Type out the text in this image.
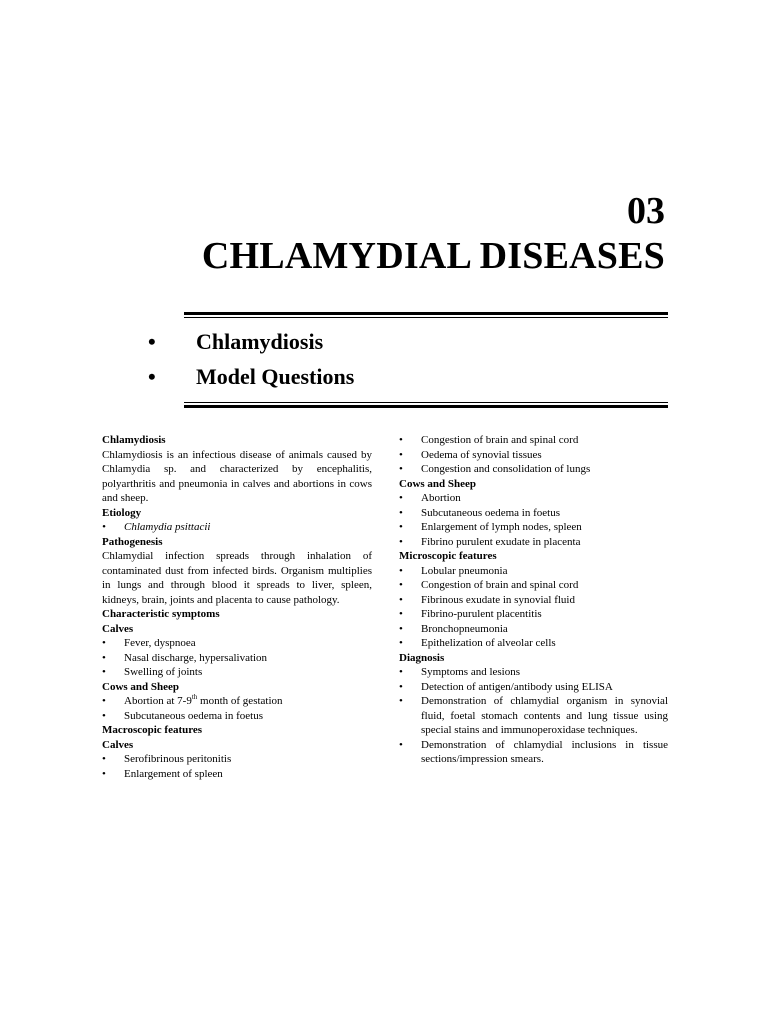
03
CHLAMYDIAL DISEASES
• Chlamydiosis
• Model Questions

Chlamydiosis

Chlamydiosis is an infectious disease of animals caused by Chlamydia sp. and characterized by encephalitis, polyarthritis and pneumonia in calves and abortions in cows and sheep.

Etiology

• Chlamydia psittacii

Pathogenesis

Chlamydial infection spreads through inhalation of contaminated dust from infected birds. Organism multiplies in lungs and through blood it spreads to liver, spleen, kidneys, brain, joints and placenta to cause pathology.

Characteristic symptoms

Calves

• Fever, dyspnoea

• Nasal discharge, hypersalivation

• Swelling of joints

Cows and Sheep

• Abortion at 7-9th month of gestation

• Subcutaneous oedema in foetus

Macroscopic features

Calves

• Serofibrinous peritonitis

• Enlargement of spleen

• Congestion of brain and spinal cord

• Oedema of synovial tissues

• Congestion and consolidation of lungs

Cows and Sheep

• Abortion

• Subcutaneous oedema in foetus

• Enlargement of lymph nodes, spleen

• Fibrino purulent exudate in placenta

Microscopic features

• Lobular pneumonia

• Congestion of brain and spinal cord

• Fibrinous exudate in synovial fluid

• Fibrino-purulent placentitis

• Bronchopneumonia

• Epithelization of alveolar cells

Diagnosis

• Symptoms and lesions

• Detection of antigen/antibody using ELISA

• Demonstration of chlamydial organism in synovial fluid, foetal stomach contents and lung tissue using special stains and immunoperoxidase techniques.

• Demonstration of chlamydial inclusions in tissue sections/impression smears.
